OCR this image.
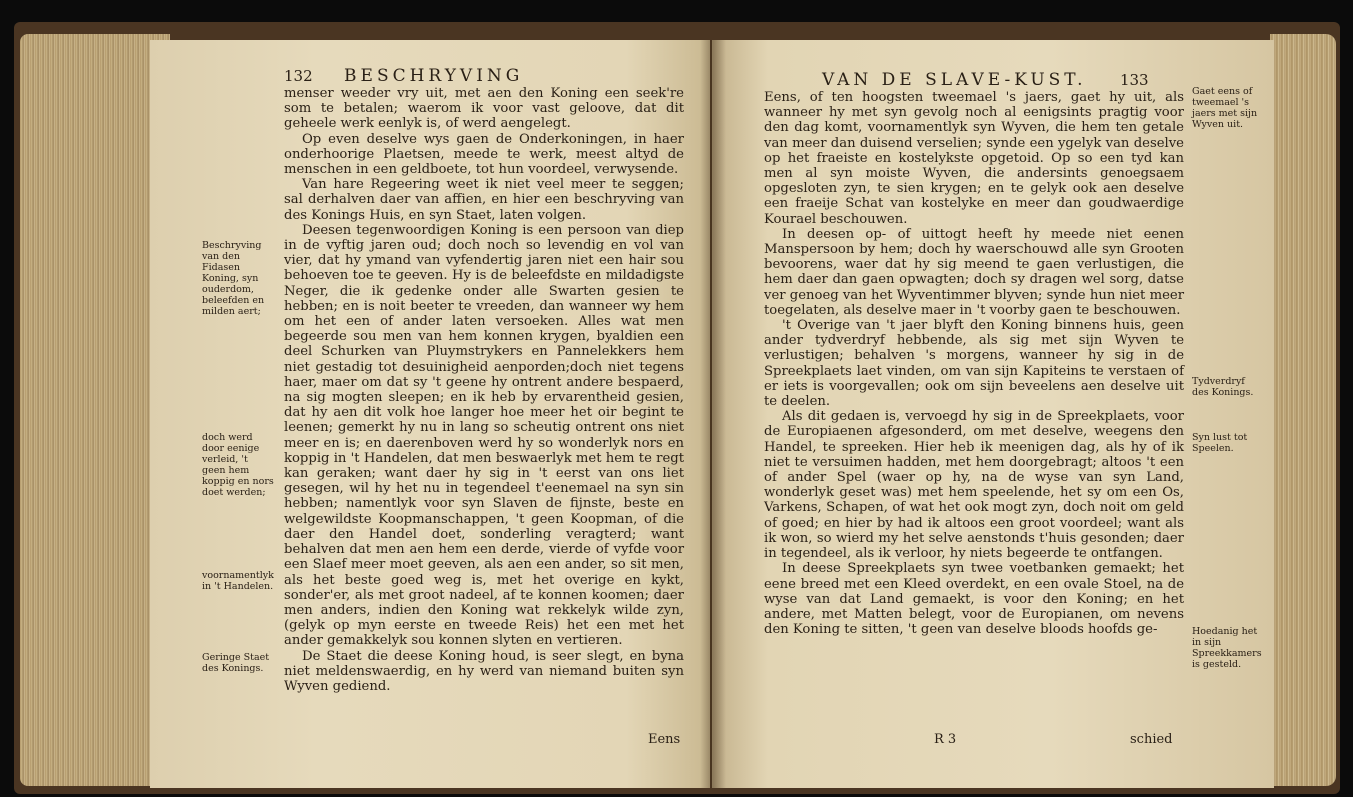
132 BESCHRYVING

menser weeder vry uit, met aen den Koning een seek're som te betalen; waerom ik voor vast geloove, dat dit geheele werk eenlyk is, of werd aengelegt.

Op even deselve wys gaen de Onderkoningen, in haer onderhoorige Plaetsen, meede te werk, meest altyd de menschen in een geldboete, tot hun voordeel, verwysende.

Van hare Regeering weet ik niet veel meer te seggen; sal derhalven daer van affien, en hier een beschryving van des Konings Huis, en syn Staet, laten volgen.

Deesen tegenwoordigen Koning is een persoon van diep in de vyftig jaren oud; doch noch so levendig en vol van vier, dat hy ymand van vyfendertig jaren niet een hair sou behoeven toe te geeven. Hy is de beleefdste en mildadigste Neger, die ik gedenke onder alle Swarten gesien te hebben; en is noit beeter te vreeden, dan wanneer wy hem om het een of ander laten versoeken. Alles wat men begeerde sou men van hem konnen krygen, byaldien een deel Schurken van Pluymstrykers en Pannelekkers hem niet gestadig tot desuinigheid aenporden;doch niet tegens haer, maer om dat sy 't geene hy ontrent andere bespaerd, na sig mogten sleepen; en ik heb by ervarentheid gesien, dat hy aen dit volk hoe langer hoe meer het oir begint te leenen; gemerkt hy nu in lang so scheutig ontrent ons niet meer en is; en daerenboven werd hy so wonderlyk nors en koppig in 't Handelen, dat men beswaerlyk met hem te regt kan geraken; want daer hy sig in 't eerst van ons liet gesegen, wil hy het nu in tegendeel t'eenemael na syn sin hebben; namentlyk voor syn Slaven de fijnste, beste en welgewildste Koopmanschappen, 't geen Koopman, of die daer den Handel doet, sonderling veragterd; want behalven dat men aen hem een derde, vierde of vyfde voor een Slaef meer moet geeven, als aen een ander, so sit men, als het beste goed weg is, met het overige en kykt, sonder'er, als met groot nadeel, af te konnen koomen; daer men anders, indien den Koning wat rekkelyk wilde zyn, (gelyk op myn eerste en tweede Reis) het een met het ander gemakkelyk sou konnen slyten en vertieren.

De Staet die deese Koning houd, is seer slegt, en byna niet meldenswaerdig, en hy werd van niemand buiten syn Wyven gediend.

Eens
Beschryving van den Fidasen Koning, syn ouderdom, beleefden en milden aert;
doch werd door eenige verleid, 't geen hem koppig en nors doet werden;
voornamentlyk in 't Handelen.
Geringe Staet des Konings.
VAN DE SLAVE-KUST. 133

Eens, of ten hoogsten tweemael 's jaers, gaet hy uit, als wanneer hy met syn gevolg noch al eenigsints pragtig voor den dag komt, voornamentlyk syn Wyven, die hem ten getale van meer dan duisend verselien; synde een ygelyk van deselve op het fraeiste en kostelykste opgetoid. Op so een tyd kan men al syn moiste Wyven, die andersints genoegsaem opgesloten zyn, te sien krygen; en te gelyk ook aen deselve een fraeije Schat van kostelyke en meer dan goudwaerdige Kourael beschouwen.

In deesen op- of uittogt heeft hy meede niet eenen Manspersoon by hem; doch hy waerschouwd alle syn Grooten bevoorens, waer dat hy sig meend te gaen verlustigen, die hem daer dan gaen opwagten; doch sy dragen wel sorg, datse ver genoeg van het Wyventimmer blyven; synde hun niet meer toegelaten, als deselve maer in 't voorby gaen te beschouwen.

't Overige van 't jaer blyft den Koning binnens huis, geen ander tydverdryf hebbende, als sig met sijn Wyven te verlustigen; behalven 's morgens, wanneer hy sig in de Spreekplaets laet vinden, om van sijn Kapiteins te verstaen of er iets is voorgevallen; ook om sijn beveelens aen deselve uit te deelen.

Als dit gedaen is, vervoegd hy sig in de Spreekplaets, voor de Europiaenen afgesonderd, om met deselve, weegens den Handel, te spreeken. Hier heb ik meenigen dag, als hy of ik niet te versuimen hadden, met hem doorgebragt; altoos 't een of ander Spel (waer op hy, na de wyse van syn Land, wonderlyk geset was) met hem speelende, het sy om een Os, Varkens, Schapen, of wat het ook mogt zyn, doch noit om geld of goed; en hier by had ik altoos een groot voordeel; want als ik won, so wierd my het selve aenstonds t'huis gesonden; daer in tegendeel, als ik verloor, hy niets begeerde te ontfangen.

In deese Spreekplaets syn twee voetbanken gemaekt; het eene breed met een Kleed overdekt, en een ovale Stoel, na de wyse van dat Land gemaekt, is voor den Koning; en het andere, met Matten belegt, voor de Europianen, om nevens den Koning te sitten, 't geen van deselve bloods hoofds ge-

R 3	schied
Gaet eens of tweemael 's jaers met sijn Wyven uit.
Tydverdryf des Konings.
Syn lust tot Speelen.
Hoedanig het in sijn Spreekkamers is gesteld.
